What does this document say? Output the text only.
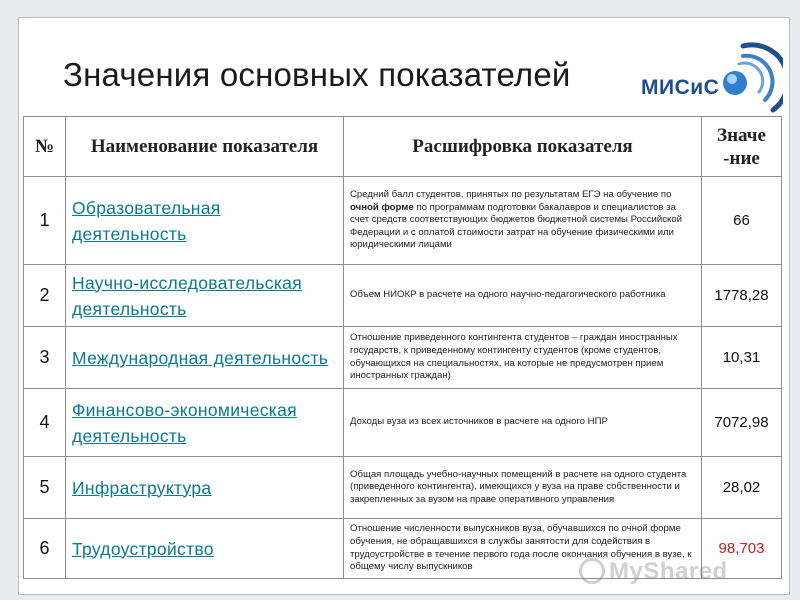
Значения основных показателей	МИСиС
№	Наименование показателя	Расшифровка показателя	Значе -ние
1	Образовательная деятельность	Средний балл студентов, принятых по результатам ЕГЭ на обучение по очной форме по программам подготовки бакалавров и специалистов за счет средств соответствующих бюджетов бюджетной системы Российской Федерации и с оплатой стоимости затрат на обучение физическими или юридическими лицами	66
2	Научно-исследовательская деятельность	Объем НИОКР в расчете на одного научно-педагогического работника	1778,28
3	Международная деятельность	Отношение приведенного контингента студентов – граждан иностранных государств, к приведенному контингенту студентов (кроме студентов, обучающихся на специальностях, на которые не предусмотрен прием иностранных граждан)	10,31
4	Финансово-экономическая деятельность	Доходы вуза из всех источников в расчете на одного НПР	7072,98
5	Инфраструктура	Общая площадь учебно-научных помещений в расчете на одного студента (приведенного контингента), имеющихся у вуза на праве собственности и закрепленных за вузом на праве оперативного управления	28,02
6	Трудоустройство	Отношение численности выпускников вуза, обучавшихся по очной форме обучения, не обращавшихся в службы занятости для содействия в трудоустройстве в течение первого года после окончания обучения в вузе, к общему числу выпускников	98,703
MyShared
